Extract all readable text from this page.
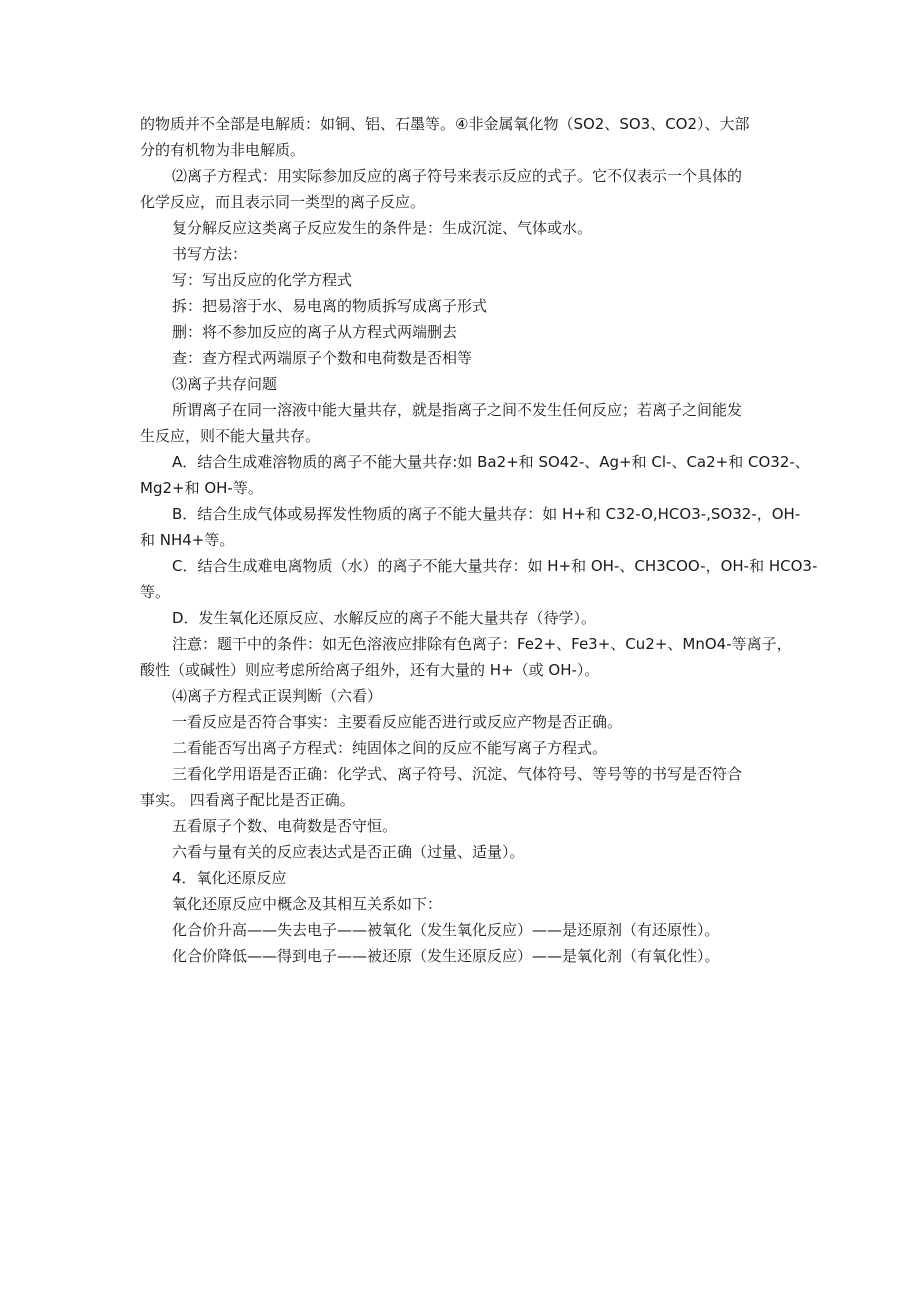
的物质并不全部是电解质：如铜、铝、石墨等。④非金属氧化物（SO2、SO3、CO2）、大部

分的有机物为非电解质。

⑵离子方程式：用实际参加反应的离子符号来表示反应的式子。它不仅表示一个具体的

化学反应，而且表示同一类型的离子反应。

复分解反应这类离子反应发生的条件是：生成沉淀、气体或水。

书写方法：

写：写出反应的化学方程式

拆：把易溶于水、易电离的物质拆写成离子形式

删：将不参加反应的离子从方程式两端删去

查：查方程式两端原子个数和电荷数是否相等

⑶离子共存问题

所谓离子在同一溶液中能大量共存，就是指离子之间不发生任何反应；若离子之间能发

生反应，则不能大量共存。

A．结合生成难溶物质的离子不能大量共存:如 Ba2+和 SO42-、Ag+和 Cl-、Ca2+和 CO32-、

Mg2+和 OH-等。

B．结合生成气体或易挥发性物质的离子不能大量共存：如 H+和 C32-O,HCO3-,SO32-，OH-

和 NH4+等。

C．结合生成难电离物质（水）的离子不能大量共存：如 H+和 OH-、CH3COO-，OH-和 HCO3-

等。

D．发生氧化还原反应、水解反应的离子不能大量共存（待学）。

注意：题干中的条件：如无色溶液应排除有色离子：Fe2+、Fe3+、Cu2+、MnO4-等离子，

酸性（或碱性）则应考虑所给离子组外，还有大量的 H+（或 OH-）。

⑷离子方程式正误判断（六看）

一看反应是否符合事实：主要看反应能否进行或反应产物是否正确。

二看能否写出离子方程式：纯固体之间的反应不能写离子方程式。

三看化学用语是否正确：化学式、离子符号、沉淀、气体符号、等号等的书写是否符合

事实。 四看离子配比是否正确。

五看原子个数、电荷数是否守恒。

六看与量有关的反应表达式是否正确（过量、适量）。

4．氧化还原反应

氧化还原反应中概念及其相互关系如下：

化合价升高——失去电子——被氧化（发生氧化反应）——是还原剂（有还原性）。

化合价降低——得到电子——被还原（发生还原反应）——是氧化剂（有氧化性）。
